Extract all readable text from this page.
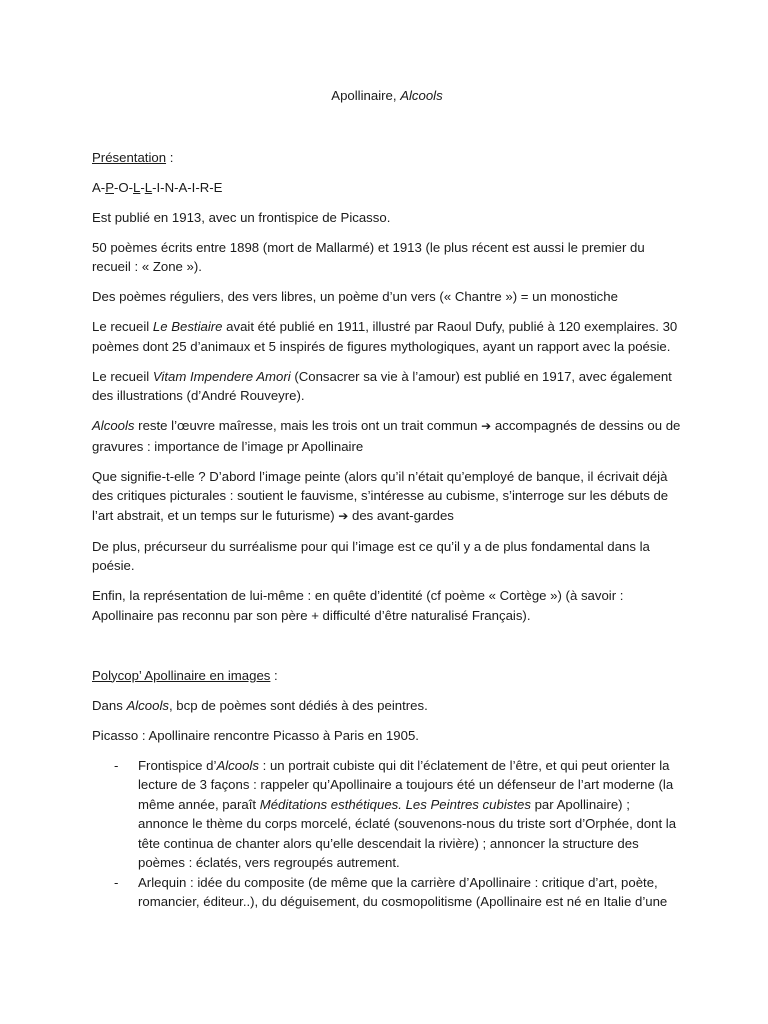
Apollinaire, Alcools

Présentation :

A-P-O-L-L-I-N-A-I-R-E

Est publié en 1913, avec un frontispice de Picasso.

50 poèmes écrits entre 1898 (mort de Mallarmé) et 1913 (le plus récent est aussi le premier du recueil : « Zone »).

Des poèmes réguliers, des vers libres, un poème d’un vers (« Chantre ») = un monostiche

Le recueil Le Bestiaire avait été publié en 1911, illustré par Raoul Dufy, publié à 120 exemplaires. 30 poèmes dont 25 d’animaux et 5 inspirés de figures mythologiques, ayant un rapport avec la poésie.

Le recueil Vitam Impendere Amori (Consacrer sa vie à l’amour) est publié en 1917, avec également des illustrations (d’André Rouveyre).

Alcools reste l’œuvre maîresse, mais les trois ont un trait commun ➔ accompagnés de dessins ou de gravures : importance de l’image pr Apollinaire

Que signifie-t-elle ? D’abord l’image peinte (alors qu’il n’était qu’employé de banque, il écrivait déjà des critiques picturales : soutient le fauvisme, s’intéresse au cubisme, s’interroge sur les débuts de l’art abstrait, et un temps sur le futurisme) ➔ des avant-gardes

De plus, précurseur du surréalisme pour qui l’image est ce qu’il y a de plus fondamental dans la poésie.

Enfin, la représentation de lui-même : en quête d’identité (cf poème « Cortège ») (à savoir : Apollinaire pas reconnu par son père + difficulté d’être naturalisé Français).

Polycop’ Apollinaire en images :

Dans Alcools, bcp de poèmes sont dédiés à des peintres.

Picasso : Apollinaire rencontre Picasso à Paris en 1905.

- Frontispice d’Alcools : un portrait cubiste qui dit l’éclatement de l’être, et qui peut orienter la lecture de 3 façons : rappeler qu’Apollinaire a toujours été un défenseur de l’art moderne (la même année, paraît Méditations esthétiques. Les Peintres cubistes par Apollinaire) ; annonce le thème du corps morcelé, éclaté (souvenons-nous du triste sort d’Orphée, dont la tête continua de chanter alors qu’elle descendait la rivière) ; annoncer la structure des poèmes : éclatés, vers regroupés autrement.
- Arlequin : idée du composite (de même que la carrière d’Apollinaire : critique d’art, poète, romancier, éditeur..), du déguisement, du cosmopolitisme (Apollinaire est né en Italie d’une
